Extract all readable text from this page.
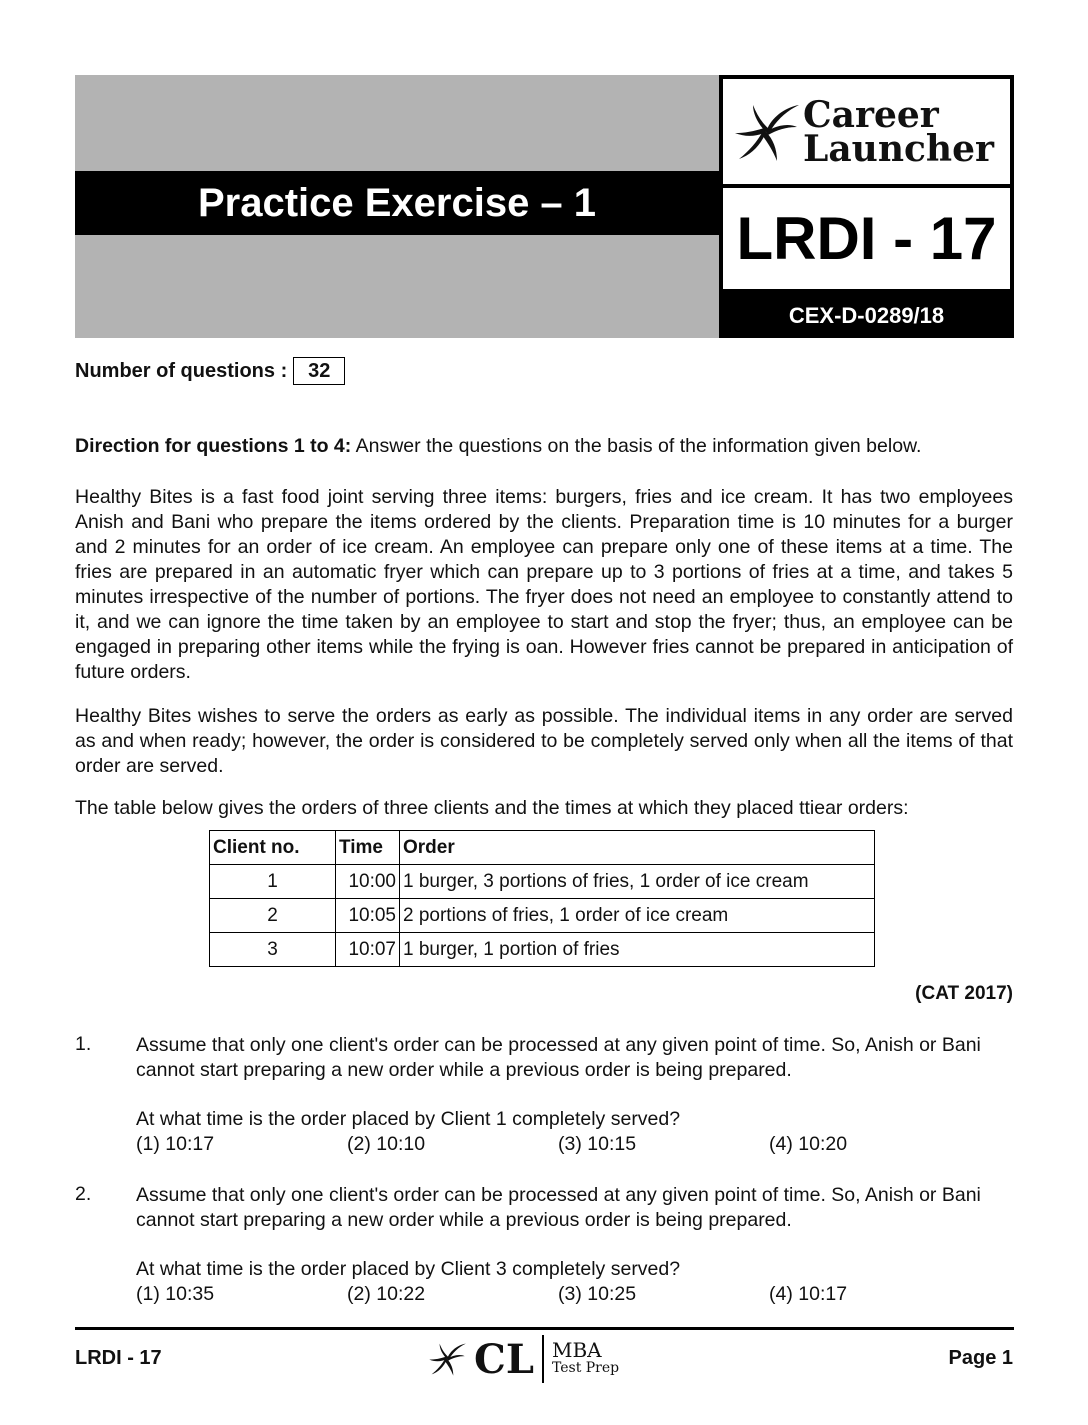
Practice Exercise – 1
Career
Launcher
LRDI - 17
CEX-D-0289/18
Number of questions :	32
Direction for questions 1 to 4: Answer the questions on the basis of the information given below.
Healthy Bites is a fast food joint serving three items: burgers, fries and ice cream. It has two employees Anish and Bani who prepare the items ordered by the clients. Preparation time is 10 minutes for a burger and 2 minutes for an order of ice cream. An employee can prepare only one of these items at a time. The fries are prepared in an automatic fryer which can prepare up to 3 portions of fries at a time, and takes 5 minutes irrespective of the number of portions. The fryer does not need an employee to constantly attend to it, and we can ignore the time taken by an employee to start and stop the fryer; thus, an employee can be engaged in preparing other items while the frying is oan. However fries cannot be prepared in anticipation of future orders.
Healthy Bites wishes to serve the orders as early as possible. The individual items in any order are served as and when ready; however, the order is considered to be completely served only when all the items of that order are served.
The table below gives the orders of three clients and the times at which they placed ttiear orders:
Client no.	Time	Order
1	10:00	1 burger, 3 portions of fries, 1 order of ice cream
2	10:05	2 portions of fries, 1 order of ice cream
3	10:07	1 burger, 1 portion of fries
(CAT 2017)
1. Assume that only one client's order can be processed at any given point of time. So, Anish or Bani cannot start preparing a new order while a previous order is being prepared.
At what time is the order placed by Client 1 completely served?
(1) 10:17	(2) 10:10	(3) 10:15	(4) 10:20
2. Assume that only one client's order can be processed at any given point of time. So, Anish or Bani cannot start preparing a new order while a previous order is being prepared.
At what time is the order placed by Client 3 completely served?
(1) 10:35	(2) 10:22	(3) 10:25	(4) 10:17
LRDI - 17	CL MBA
Test Prep	Page 1
